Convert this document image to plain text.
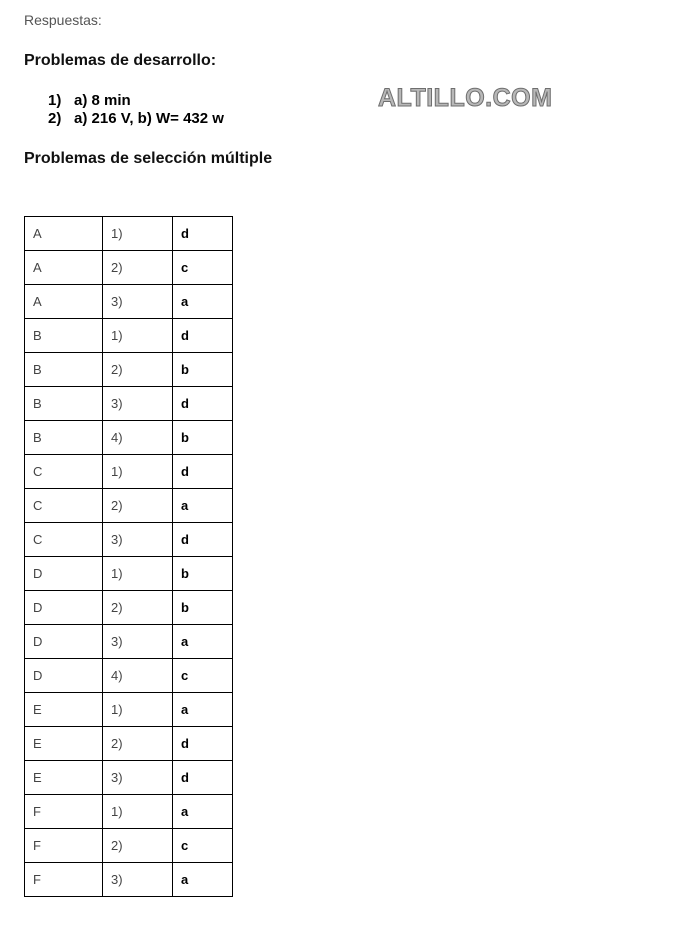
Respuestas:
Problemas de desarrollo:
1) a) 8 min
2) a) 216 V, b) W= 432 w
ALTILLO.COM
Problemas de selección múltiple
A	1)	d
A	2)	c
A	3)	a
B	1)	d
B	2)	b
B	3)	d
B	4)	b
C	1)	d
C	2)	a
C	3)	d
D	1)	b
D	2)	b
D	3)	a
D	4)	c
E	1)	a
E	2)	d
E	3)	d
F	1)	a
F	2)	c
F	3)	a
